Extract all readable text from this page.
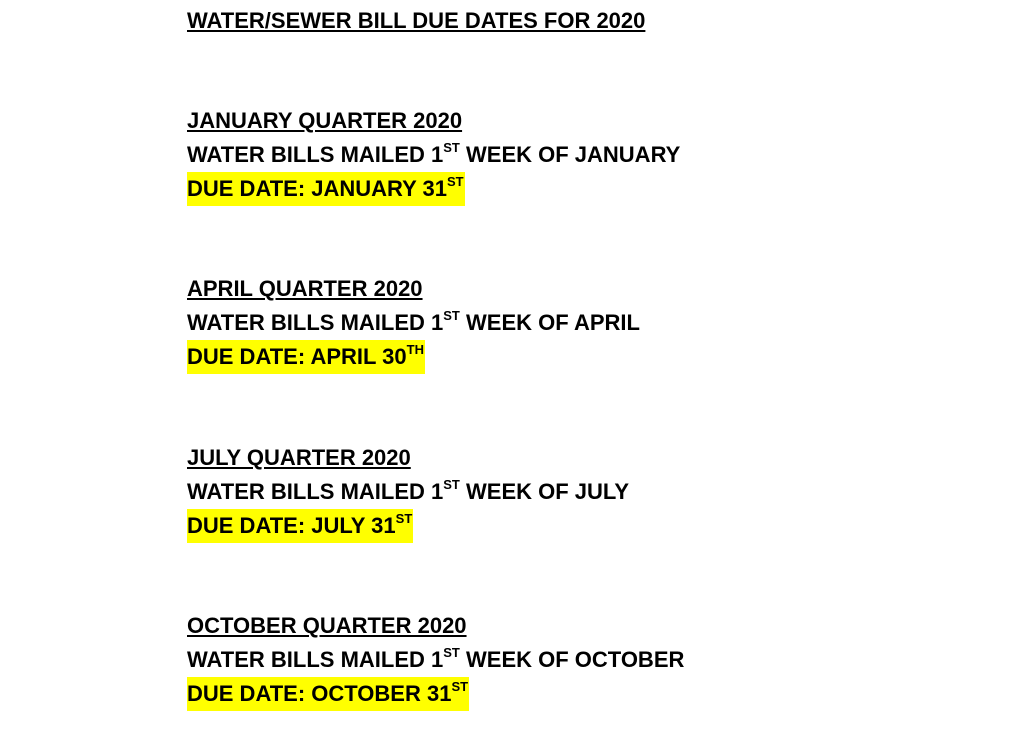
WATER/SEWER BILL DUE DATES FOR 2020
JANUARY QUARTER 2020
WATER BILLS MAILED 1ST WEEK OF JANUARY
DUE DATE: JANUARY 31ST
APRIL QUARTER 2020
WATER BILLS MAILED 1ST WEEK OF APRIL
DUE DATE: APRIL 30TH
JULY QUARTER 2020
WATER BILLS MAILED 1ST WEEK OF JULY
DUE DATE: JULY 31ST
OCTOBER QUARTER 2020
WATER BILLS MAILED 1ST WEEK OF OCTOBER
DUE DATE: OCTOBER 31ST
